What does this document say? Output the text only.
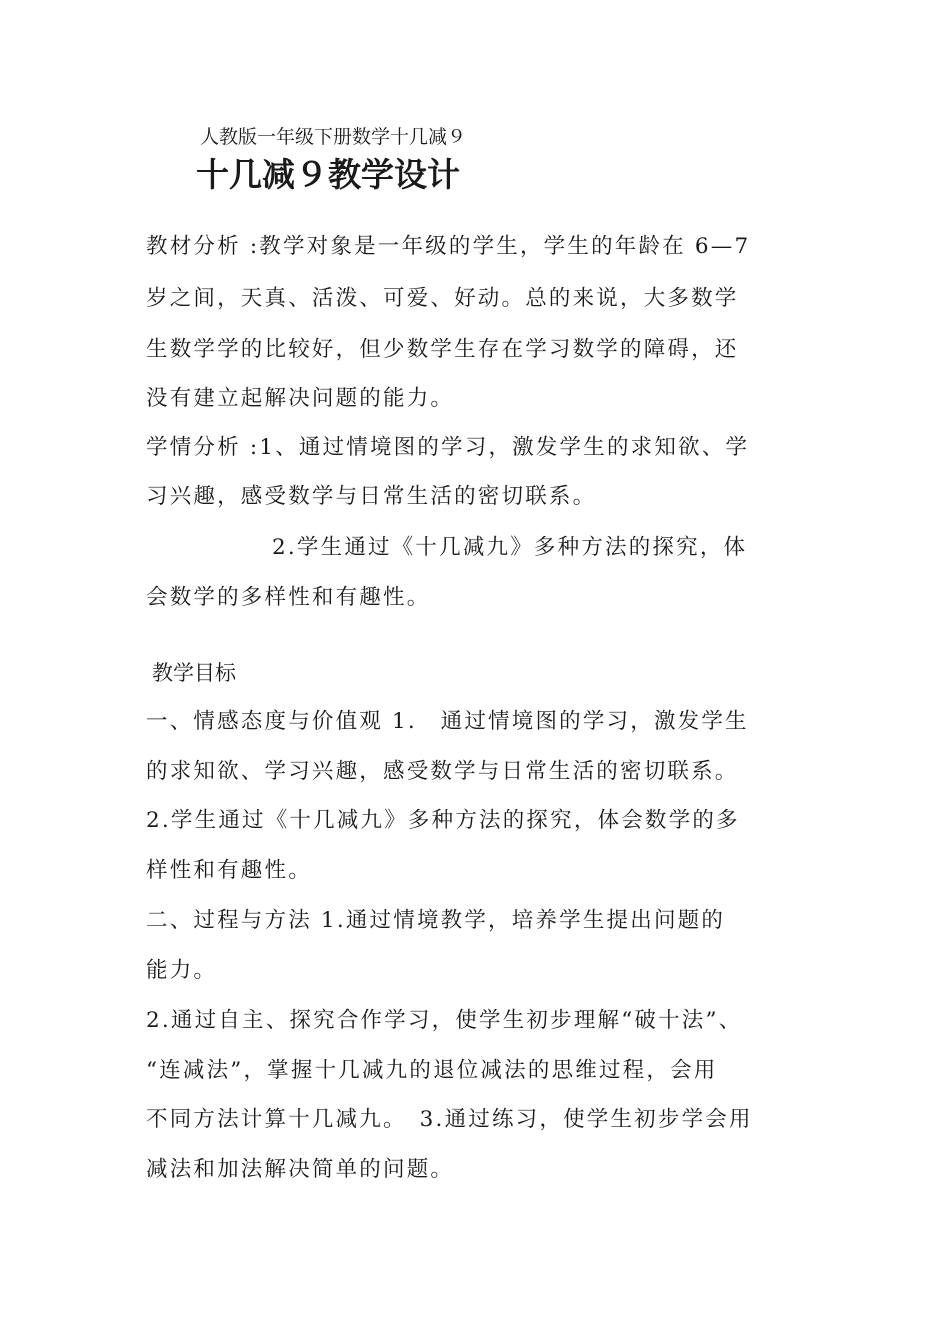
人教版一年级下册数学十几减９
十几减９教学设计
教材分析 :教学对象是一年级的学生，学生的年龄在 6—7
岁之间，天真、活泼、可爱、好动。总的来说，大多数学
生数学学的比较好，但少数学生存在学习数学的障碍，还
没有建立起解决问题的能力。
学情分析 :1、通过情境图的学习，激发学生的求知欲、学
习兴趣，感受数学与日常生活的密切联系。
2.学生通过《十几减九》多种方法的探究，体
会数学的多样性和有趣性。
教学目标
一、情感态度与价值观 1.　通过情境图的学习，激发学生
的求知欲、学习兴趣，感受数学与日常生活的密切联系。
2.学生通过《十几减九》多种方法的探究，体会数学的多
样性和有趣性。
二、过程与方法 1.通过情境教学，培养学生提出问题的
能力。
2.通过自主、探究合作学习，使学生初步理解“破十法”、
“连减法”，掌握十几减九的退位减法的思维过程，会用
不同方法计算十几减九。　3.通过练习，使学生初步学会用
减法和加法解决简单的问题。
